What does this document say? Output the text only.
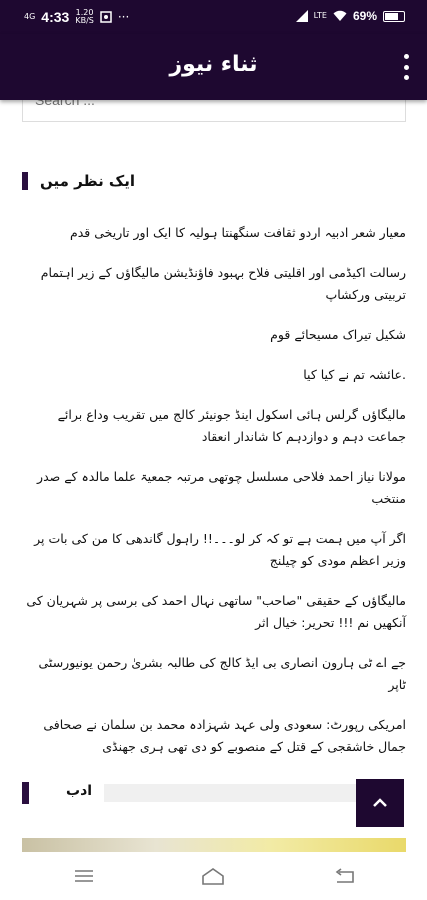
4G 4:33 1.20
KB/S ···	LTE 69%
ثناء نیوز
Search ...
ایک نظر میں
معیار شعر ادبیہ اردو ثقافت سنگھنتا ہولیہ کا ایک اور تاریخی قدم
رسالت اکیڈمی اور اقلیتی فلاح بہبود فاؤنڈیشن مالیگاؤں کے زیر اہتمام تربیتی ورکشاپ
شکیل تیراک مسیحائے قوم
.عائشہ تم نے کیا کیا
مالیگاؤں گرلس ہائی اسکول اینڈ جونیئر کالج میں تقریب وداع برائے جماعت دہم و دوازدہم کا شاندار انعقاد
مولانا نیاز احمد فلاحی مسلسل چوتھی مرتبہ جمعیۃ علما مالدہ کے صدر منتخب
اگر آپ میں ہمت ہے تو کہ کر لو۔۔۔!! راہول گاندھی کا من کی بات پر وزیر اعظم مودی کو چیلنج
مالیگاؤں کے حقیقی "صاحب" ساتھی نہال احمد کی برسی پر شہریان کی آنکھیں نم !!! تحریر: خیال اثر
جے اے ٹی ہارون انصاری بی ایڈ کالج کی طالبہ بشریٰ رحمن یونیورسٹی ٹاپر
امریکی رپورٹ: سعودی ولی عہد شہزادہ محمد بن سلمان نے صحافی جمال خاشقجی کے قتل کے منصوبے کو دی تھی ہری جھنڈی
ادب
